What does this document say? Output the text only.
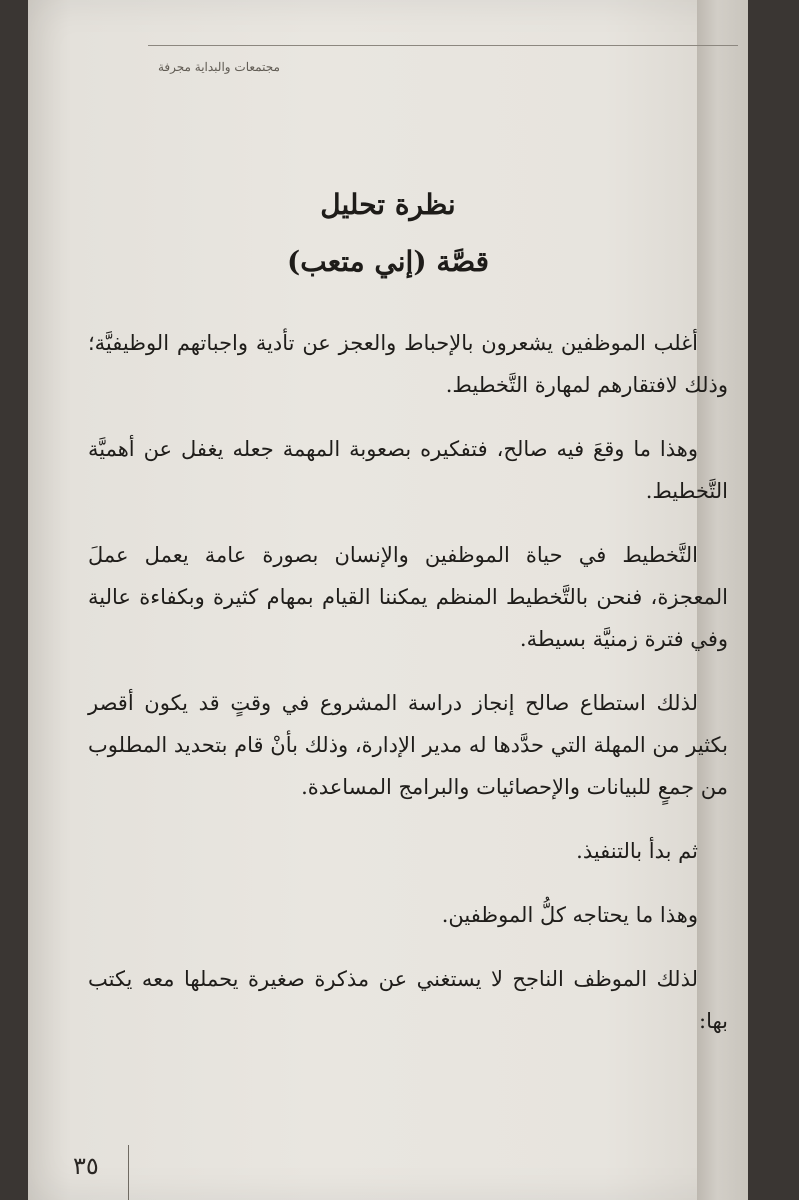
مجتمعات والبداية مجرفة
نظرة تحليل
قصَّة (إني متعب)

أغلب الموظفين يشعرون بالإحباط والعجز عن تأدية واجباتهم الوظيفيَّة؛ وذلك لافتقارهم لمهارة التَّخطيط.

وهذا ما وقعَ فيه صالح، فتفكيره بصعوبة المهمة جعله يغفل عن أهميَّة التَّخطيط.

التَّخطيط في حياة الموظفين والإنسان بصورة عامة يعمل عملَ المعجزة، فنحن بالتَّخطيط المنظم يمكننا القيام بمهام كثيرة وبكفاءة عالية وفي فترة زمنيَّة بسيطة.

لذلك استطاع صالح إنجاز دراسة المشروع في وقتٍ قد يكون أقصر بكثير من المهلة التي حدَّدها له مدير الإدارة، وذلك بأنْ قام بتحديد المطلوب من جمعٍ للبيانات والإحصائيات والبرامج المساعدة.

ثم بدأ بالتنفيذ.

وهذا ما يحتاجه كلُّ الموظفين.

لذلك الموظف الناجح لا يستغني عن مذكرة صغيرة يحملها معه يكتب بها:

٣٥
